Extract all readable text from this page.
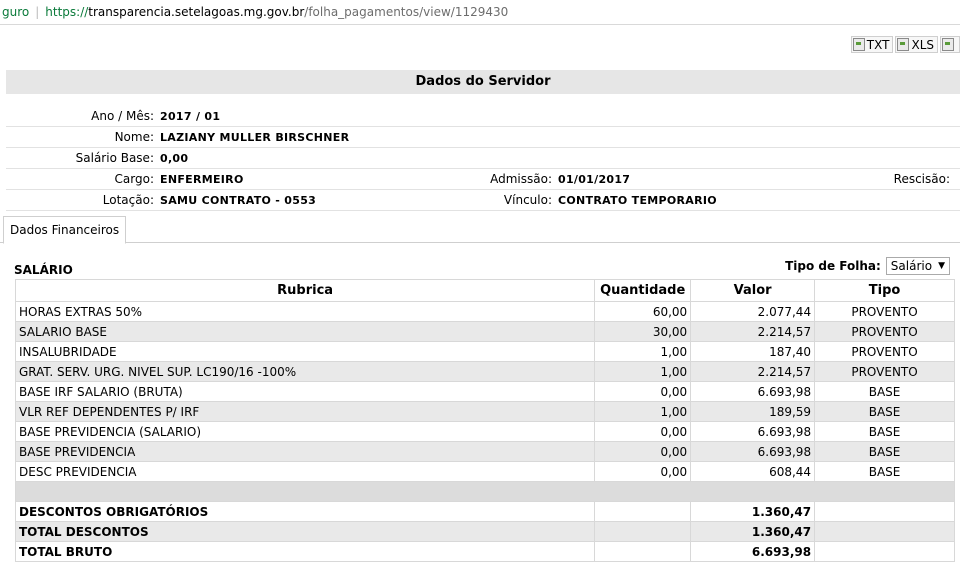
guro | https:// transparencia.setelagoas.mg.gov.br /folha_pagamentos/view/1129430
TXT XLS
Dados do Servidor
Ano / Mês: 2017 / 01
Nome: LAZIANY MULLER BIRSCHNER
Salário Base: 0,00
Cargo: ENFERMEIRO	Admissão: 01/01/2017	Rescisão:
Lotação: SAMU CONTRATO - 0553	Vínculo: CONTRATO TEMPORARIO
Dados Financeiros
SALÁRIO	Tipo de Folha: Salário ▼
Rubrica	Quantidade	Valor	Tipo
HORAS EXTRAS 50%	60,00	2.077,44	PROVENTO
SALARIO BASE	30,00	2.214,57	PROVENTO
INSALUBRIDADE	1,00	187,40	PROVENTO
GRAT. SERV. URG. NIVEL SUP. LC190/16 -100%	1,00	2.214,57	PROVENTO
BASE IRF SALARIO (BRUTA)	0,00	6.693,98	BASE
VLR REF DEPENDENTES P/ IRF	1,00	189,59	BASE
BASE PREVIDENCIA (SALARIO)	0,00	6.693,98	BASE
BASE PREVIDENCIA	0,00	6.693,98	BASE
DESC PREVIDENCIA	0,00	608,44	BASE

DESCONTOS OBRIGATÓRIOS		1.360,47	
TOTAL DESCONTOS		1.360,47	
TOTAL BRUTO		6.693,98	
